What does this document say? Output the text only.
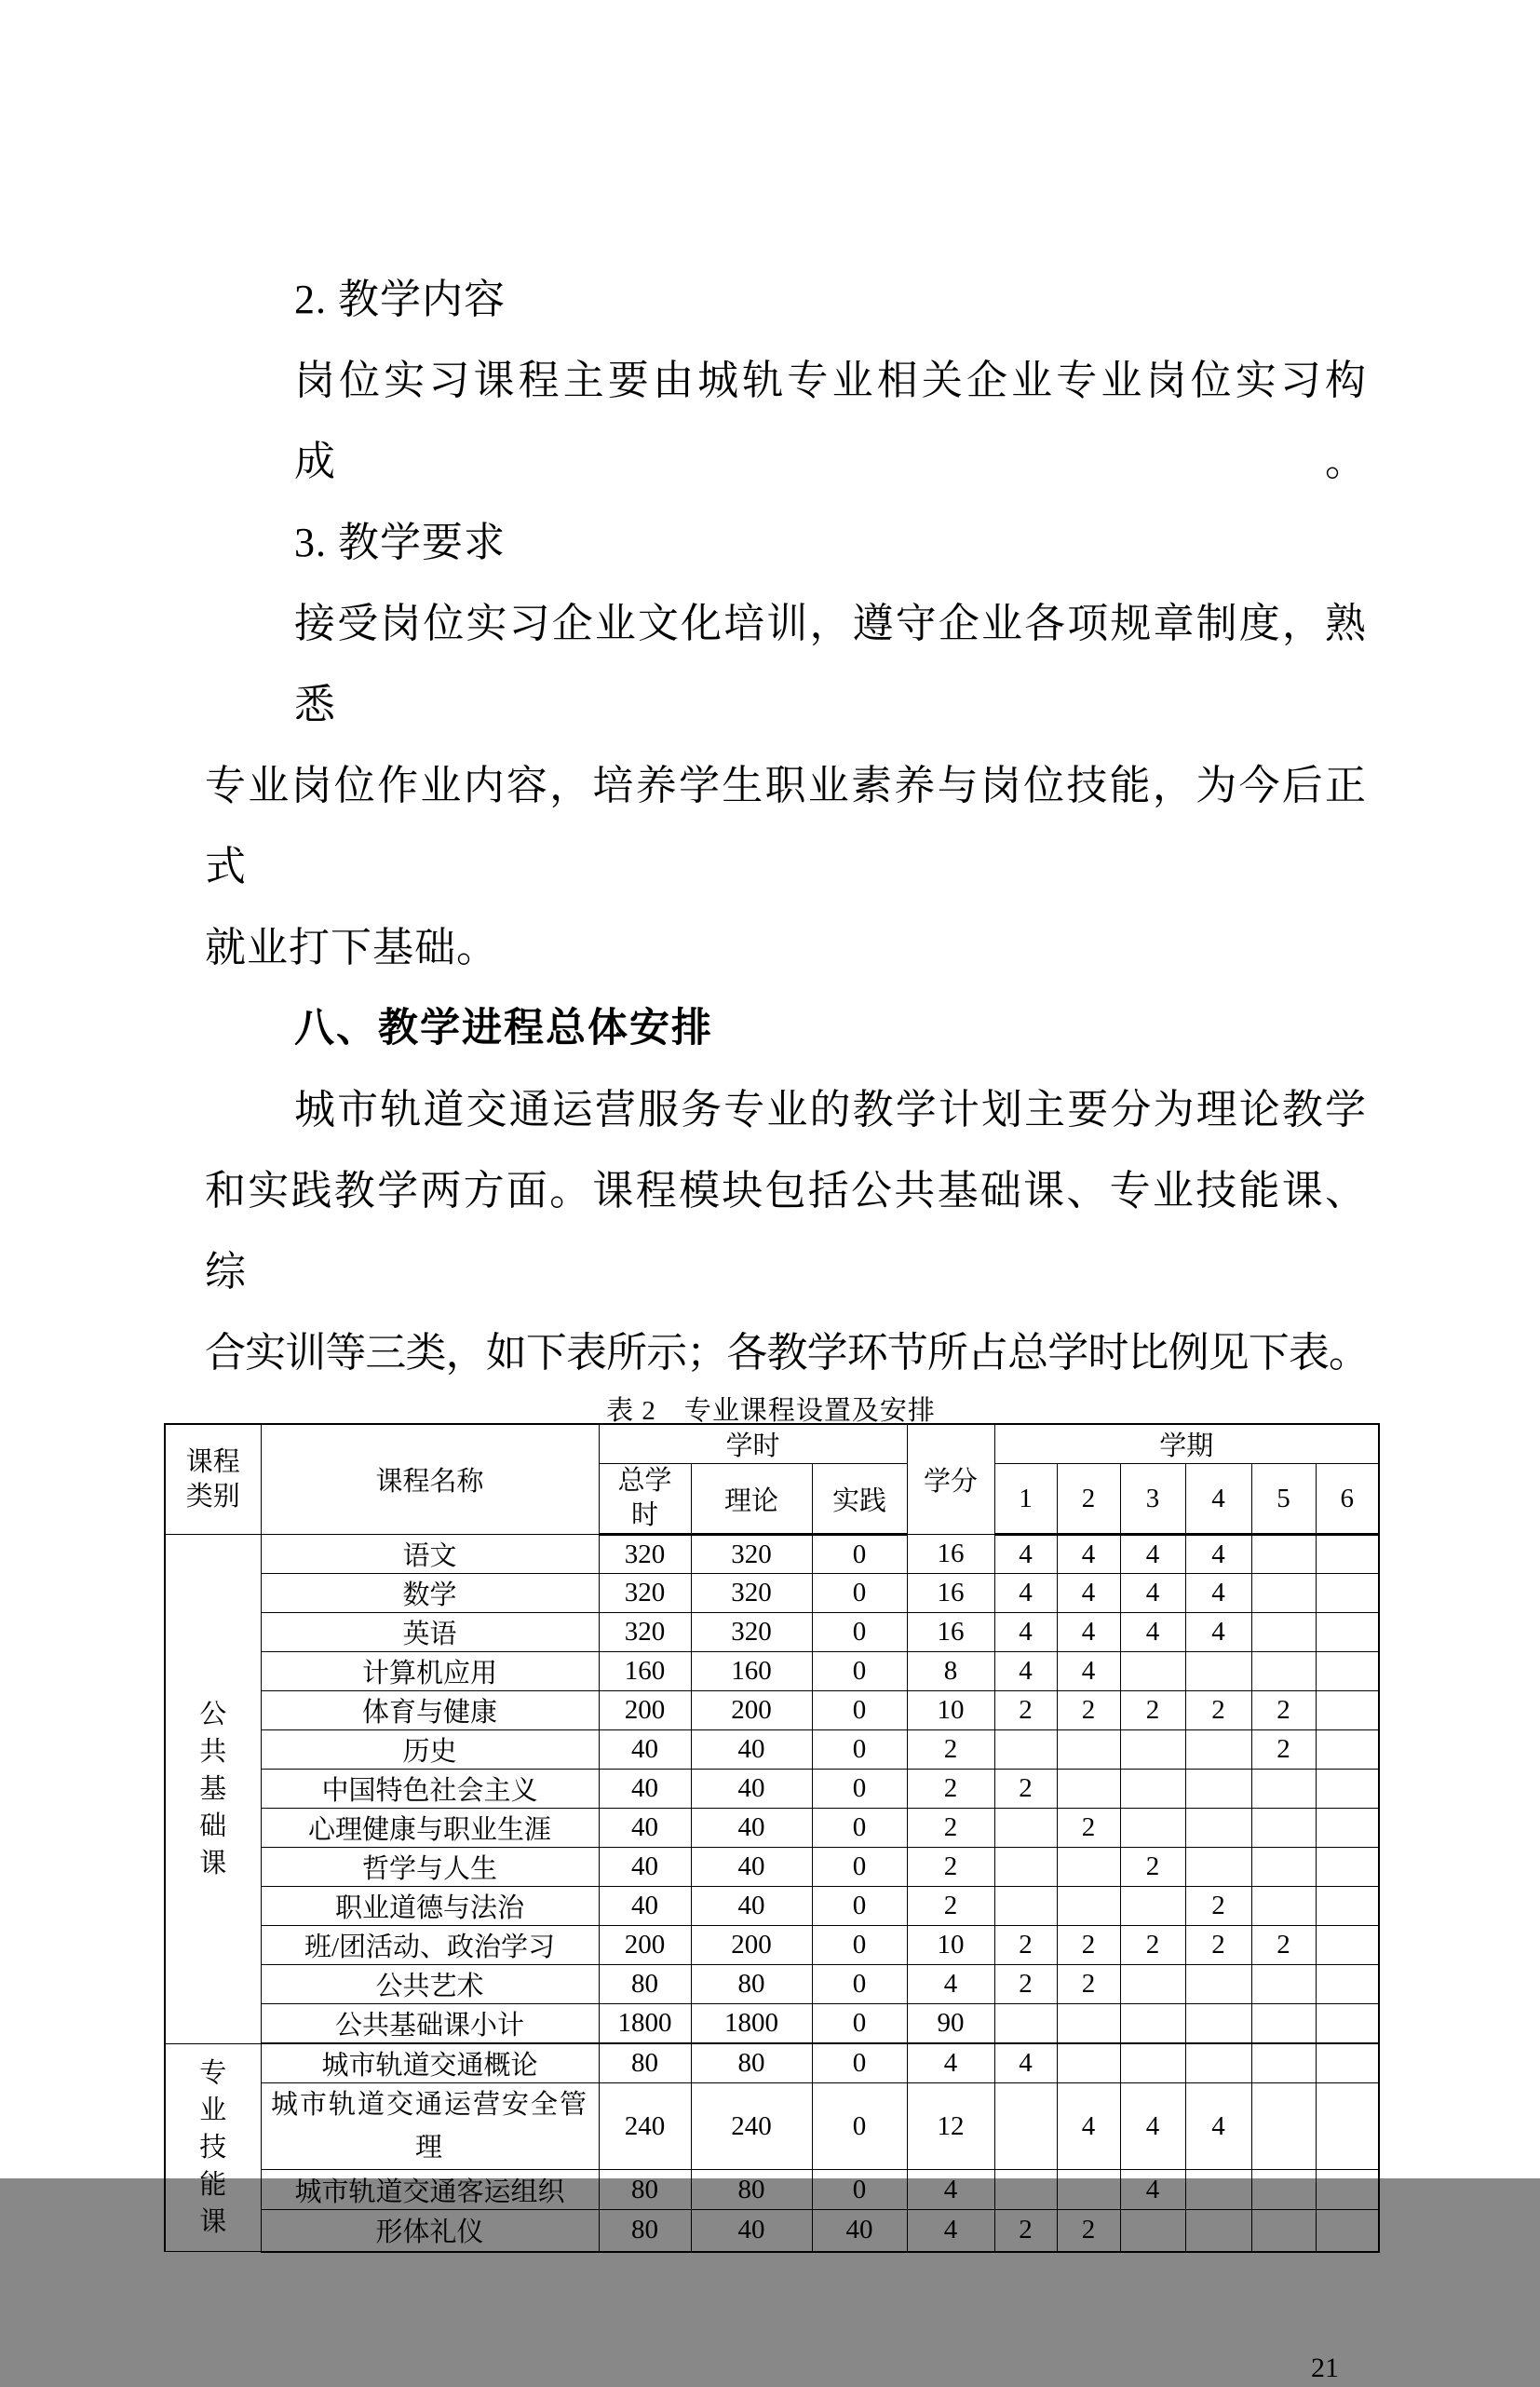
2. 教学内容
岗位实习课程主要由城轨专业相关企业专业岗位实习构成。
3. 教学要求
接受岗位实习企业文化培训，遵守企业各项规章制度，熟悉
专业岗位作业内容，培养学生职业素养与岗位技能，为今后正式
就业打下基础。
八、教学进程总体安排
城市轨道交通运营服务专业的教学计划主要分为理论教学
和实践教学两方面。课程模块包括公共基础课、专业技能课、综
合实训等三类，如下表所示；各教学环节所占总学时比例见下表。
表 2　专业课程设置及安排
课程
类别	课程名称	学时			学分	学期					

		总学
时	理论	实践		1	2	3	4	5	6

公
共
基
础
课	语文	320	320	0	16	4	4	4	4		
	数学	320	320	0	16	4	4	4	4		
	英语	320	320	0	16	4	4	4	4		
	计算机应用	160	160	0	8	4	4				
	体育与健康	200	200	0	10	2	2	2	2	2	
	历史	40	40	0	2					2	
	中国特色社会主义	40	40	0	2	2					
	心理健康与职业生涯	40	40	0	2		2				
	哲学与人生	40	40	0	2			2			
	职业道德与法治	40	40	0	2				2		
	班/团活动、政治学习	200	200	0	10	2	2	2	2	2	
	公共艺术	80	80	0	4	2	2				
	公共基础课小计	1800	1800	0	90						

专
业
技
能
课	城市轨道交通概论	80	80	0	4	4					

	城市轨道交通运营安全管理	240	240	0	12		4	4	4		
	城市轨道交通客运组织	80	80	0	4			4			
	形体礼仪	80	40	40	4	2	2				
21
